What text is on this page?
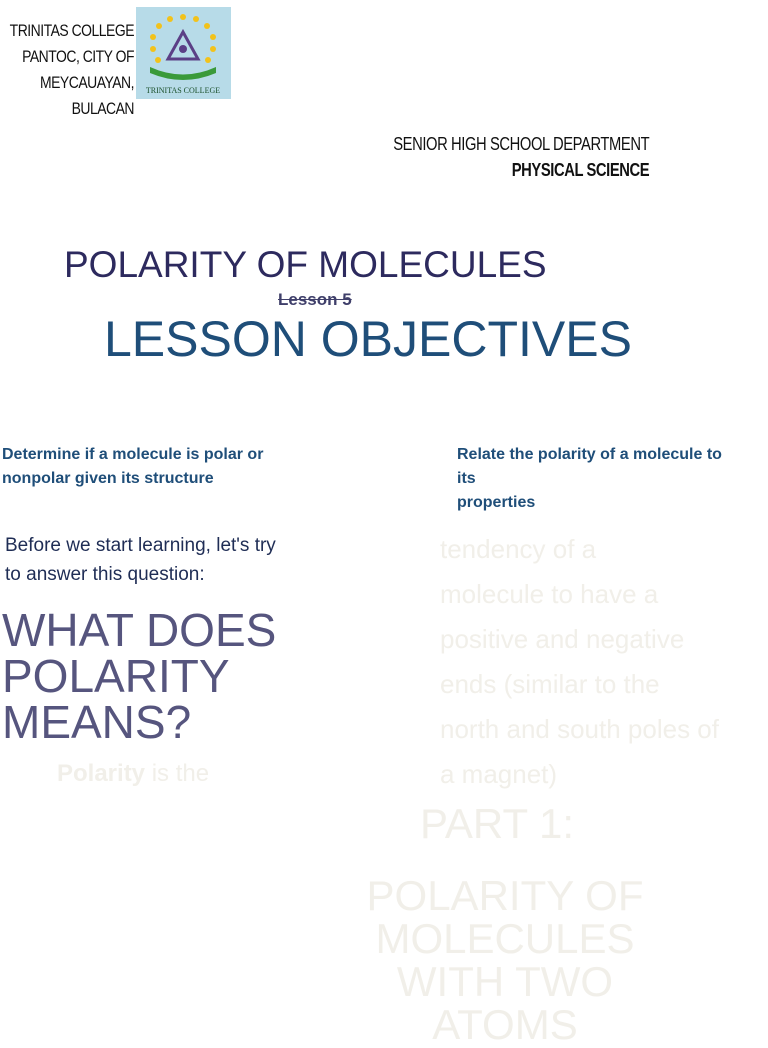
TRINITAS COLLEGE
PANTOC, CITY OF
MEYCAUAYAN,
BULACAN
TRINITAS COLLEGE
SENIOR HIGH SCHOOL DEPARTMENT
PHYSICAL SCIENCE
POLARITY OF MOLECULES
Lesson 5
LESSON OBJECTIVES
Determine if a molecule is polar or
nonpolar given its structure
Relate the polarity of a molecule to
its
properties
Before we start learning, let's try
to answer this question:
WHAT DOES
POLARITY
MEANS?
Polarity is the
tendency of a
molecule to have a
positive and negative
ends (similar to the
north and south poles of
a magnet)
PART 1:
POLARITY OF
MOLECULES
WITH TWO
ATOMS
